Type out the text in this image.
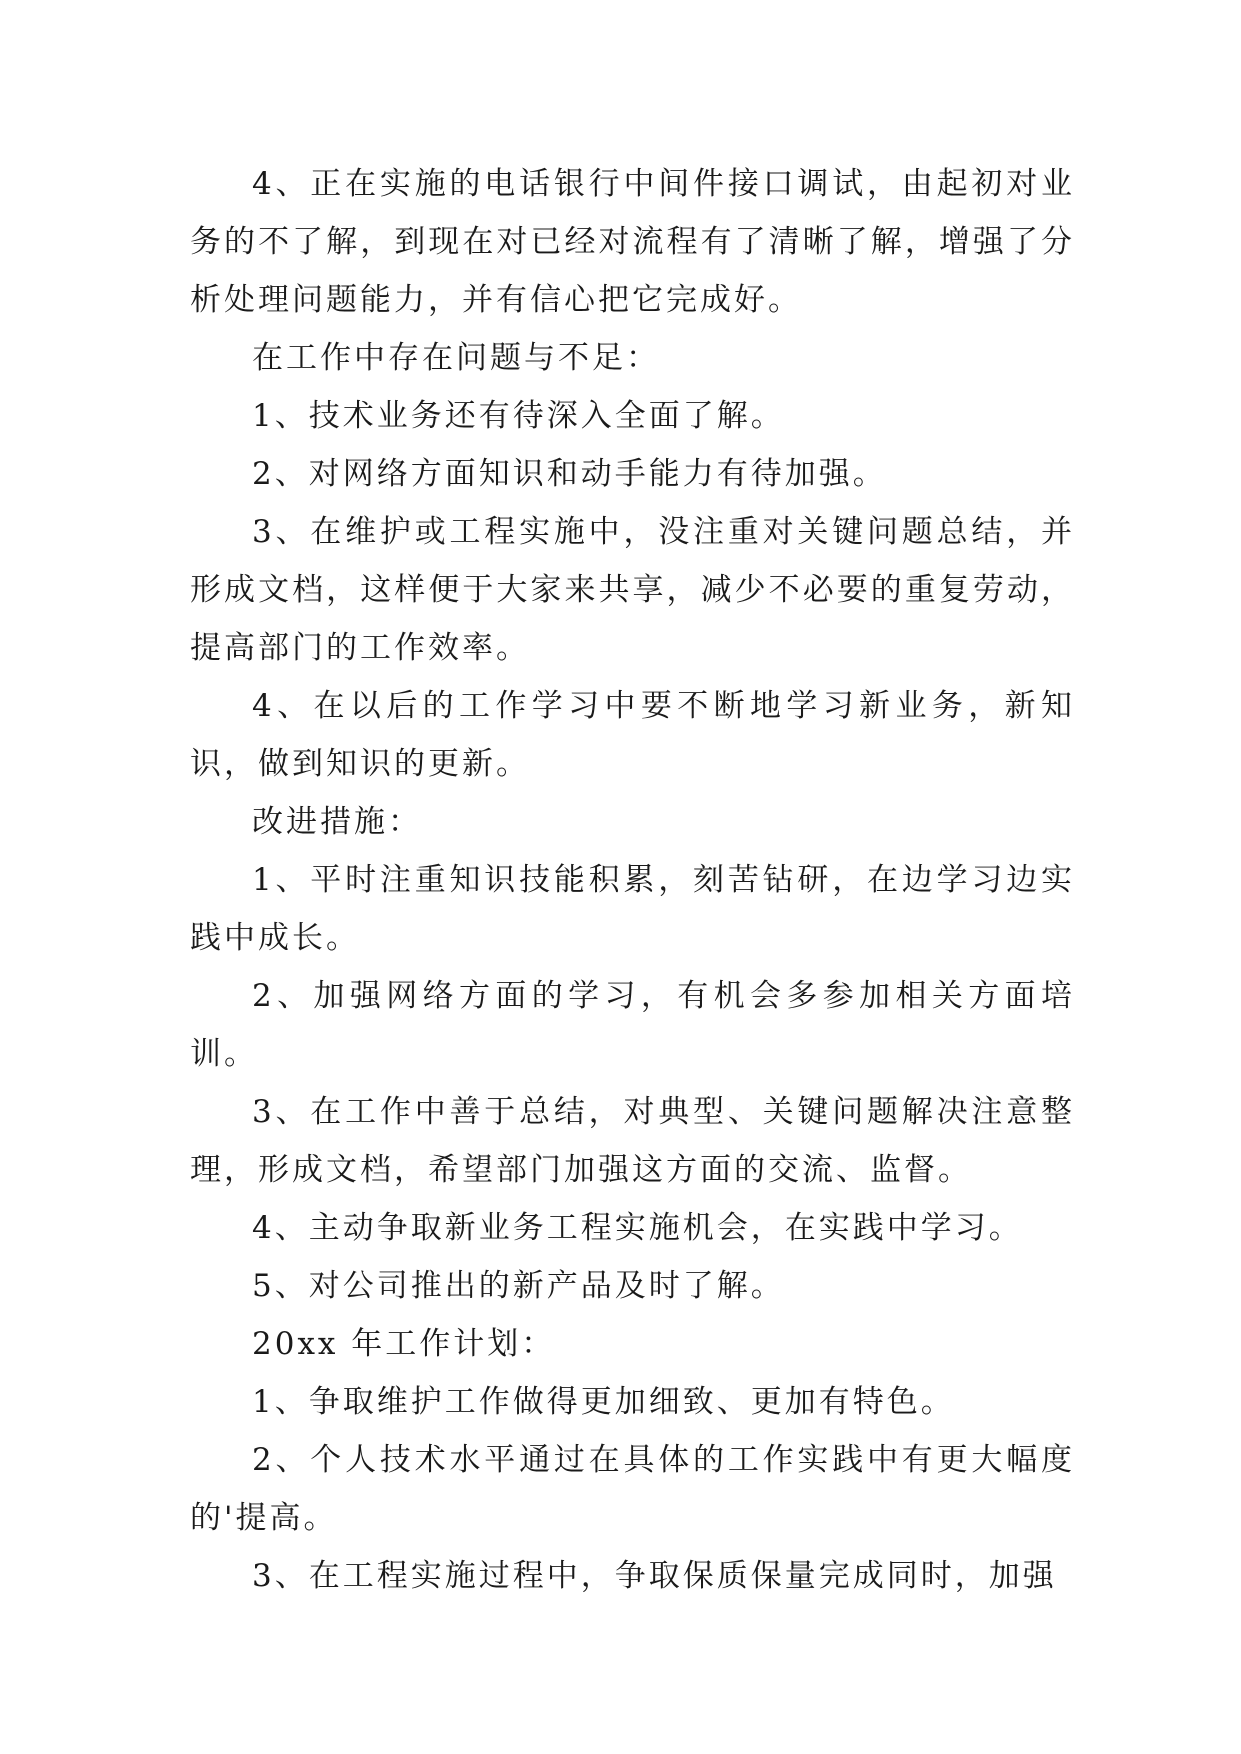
4、正在实施的电话银行中间件接口调试，由起初对业务的不了解，到现在对已经对流程有了清晰了解，增强了分析处理问题能力，并有信心把它完成好。

在工作中存在问题与不足：

1、技术业务还有待深入全面了解。

2、对网络方面知识和动手能力有待加强。

3、在维护或工程实施中，没注重对关键问题总结，并形成文档，这样便于大家来共享，减少不必要的重复劳动，提高部门的工作效率。

4、在以后的工作学习中要不断地学习新业务，新知识，做到知识的更新。

改进措施：

1、平时注重知识技能积累，刻苦钻研，在边学习边实践中成长。

2、加强网络方面的学习，有机会多参加相关方面培训。

3、在工作中善于总结，对典型、关键问题解决注意整理，形成文档，希望部门加强这方面的交流、监督。

4、主动争取新业务工程实施机会，在实践中学习。

5、对公司推出的新产品及时了解。

20xx 年工作计划：

1、争取维护工作做得更加细致、更加有特色。

2、个人技术水平通过在具体的工作实践中有更大幅度的'提高。

3、在工程实施过程中，争取保质保量完成同时，加强
